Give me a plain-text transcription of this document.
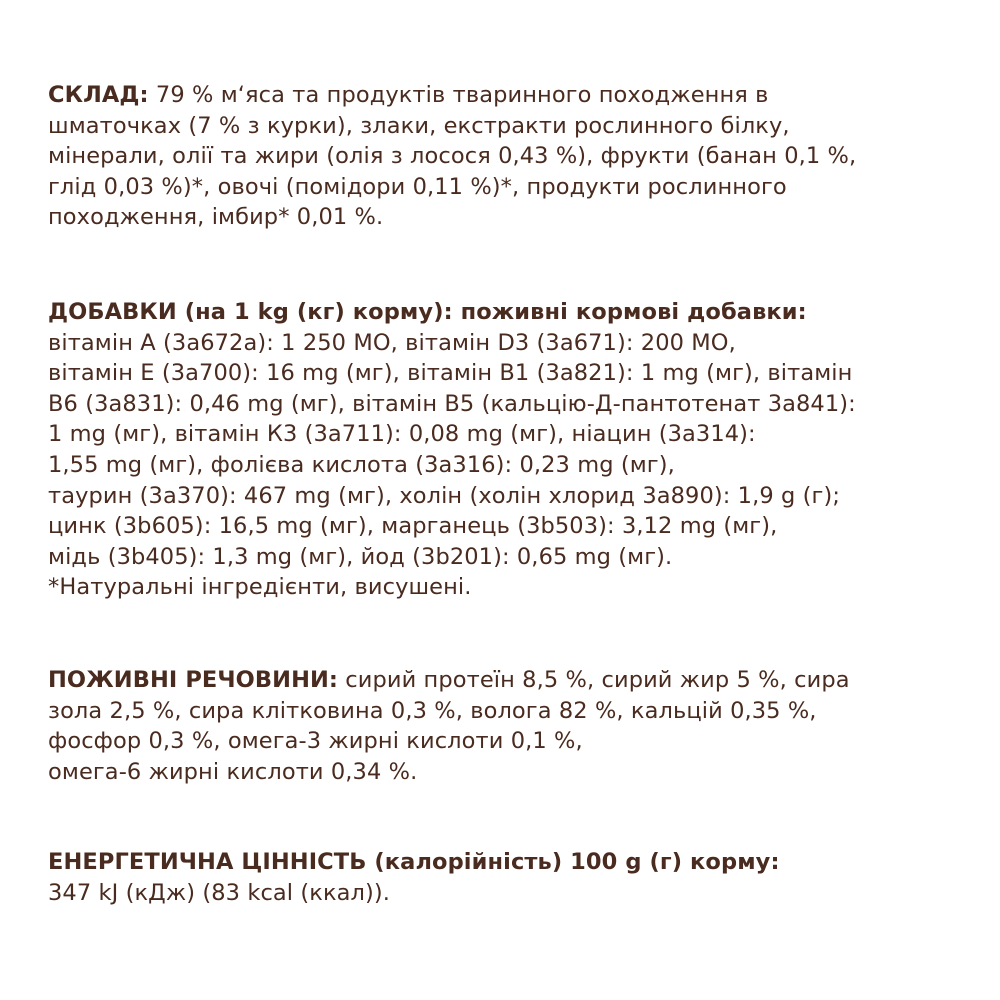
СКЛАД: 79 % м‘яса та продуктів тваринного походження в
шматочках (7 % з курки), злаки, екстракти рослинного білку,
мінерали, олії та жири (олія з лосося 0,43 %), фрукти (банан 0,1 %,
глід 0,03 %)*, овочі (помідори 0,11 %)*, продукти рослинного
походження, імбир* 0,01 %.
ДОБАВКИ (на 1 kg (кг) корму): поживні кормові добавки:
вітамін А (3а672а): 1 250 МО, вітамін D3 (3а671): 200 МО,
вітамін Е (3а700): 16 mg (мг), вітамін В1 (3а821): 1 mg (мг), вітамін
В6 (3а831): 0,46 mg (мг), вітамін В5 (кальцію-Д-пантотенат 3а841):
1 mg (мг), вітамін К3 (3а711): 0,08 mg (мг), ніацин (3а314):
1,55 mg (мг), фолієва кислота (3а316): 0,23 mg (мг),
таурин (3а370): 467 mg (мг), холін (холін хлорид 3а890): 1,9 g (г);
цинк (3b605): 16,5 mg (мг), марганець (3b503): 3,12 mg (мг),
мідь (3b405): 1,3 mg (мг), йод (3b201): 0,65 mg (мг).
*Натуральні інгредієнти, висушені.
ПОЖИВНІ РЕЧОВИНИ: сирий протеїн 8,5 %, сирий жир 5 %, сира
зола 2,5 %, сира клітковина 0,3 %, волога 82 %, кальцій 0,35 %,
фосфор 0,3 %, омега-3 жирні кислоти 0,1 %,
омега-6 жирні кислоти 0,34 %.
ЕНЕРГЕТИЧНА ЦІННІСТЬ (калорійність) 100 g (г) корму:
347 kJ (кДж) (83 kcal (ккал)).
